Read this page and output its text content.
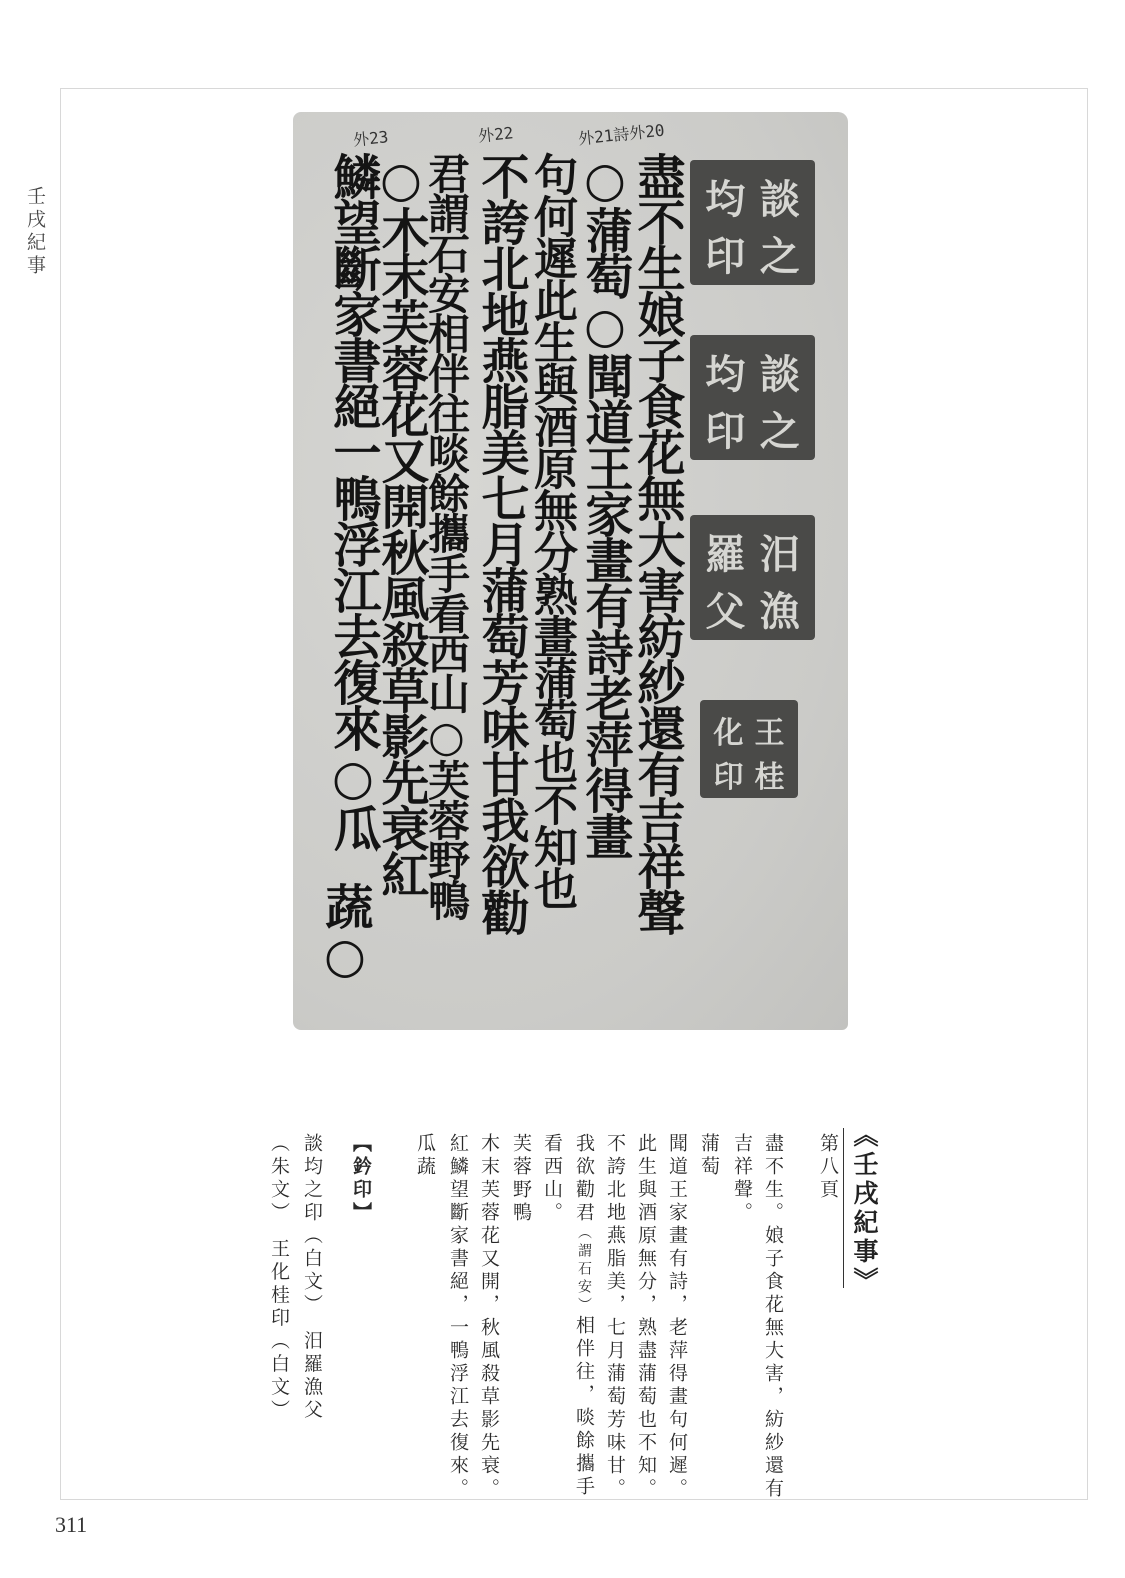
壬戌紀事
311
外23	外22	外21詩外20
盡不生娘子食花無大害紡紗還有吉祥聲
○蒲萄○聞道王家畫有詩老萍得畫
句何遲此生與酒原無分熟畫蒲萄也不知也
不誇北地燕脂美七月蒲萄芳味甘我欲勸
君謂石安相伴往啖餘攜手看西山○芙蓉野鴨
○木末芙蓉花又開秋風殺草影先衰紅
鱗望斷家書絕一鴨浮江去復來○瓜
蔬○
談
均
之
印
談
均
之
印
汨
羅
漁
父
王
化
桂
印
《壬戌紀事》
第八頁
盡不生。娘子食花無大害，紡紗還有
吉祥聲。
蒲萄
聞道王家畫有詩，老萍得畫句何遲。
此生與酒原無分，熟盡蒲萄也不知。
不誇北地燕脂美，七月蒲萄芳味甘。
我欲勸君（謂石安）相伴往，啖餘攜手
看西山。
芙蓉野鴨
木末芙蓉花又開，秋風殺草影先衰。
紅鱗望斷家書絕，一鴨浮江去復來。
瓜蔬
【鈐印】
談均之印（白文）　汨羅漁父
（朱文）　王化桂印（白文）
